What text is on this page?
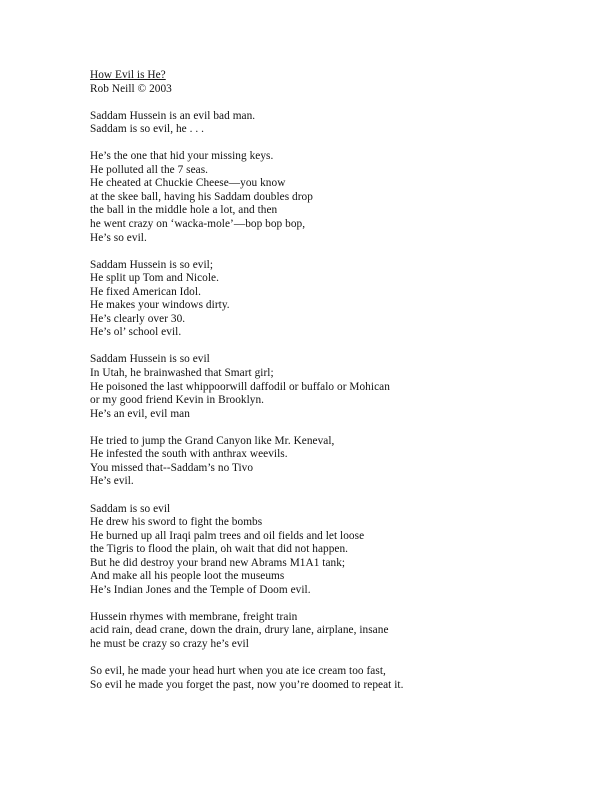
How Evil is He?
Rob Neill © 2003
Saddam Hussein is an evil bad man.
Saddam is so evil, he . . .
He’s the one that hid your missing keys.
He polluted all the 7 seas.
He cheated at Chuckie Cheese—you know
at the skee ball, having his Saddam doubles drop
the ball in the middle hole a lot, and then
he went crazy on ‘wacka-mole’—bop bop bop,
He’s so evil.
Saddam Hussein is so evil;
He split up Tom and Nicole.
He fixed American Idol.
He makes your windows dirty.
He’s clearly over 30.
He’s ol’ school evil.
Saddam Hussein is so evil
In Utah, he brainwashed that Smart girl;
He poisoned the last whippoorwill daffodil or buffalo or Mohican
or my good friend Kevin in Brooklyn.
He’s an evil, evil man
He tried to jump the Grand Canyon like Mr. Keneval,
He infested the south with anthrax weevils.
You missed that--Saddam’s no Tivo
He’s evil.
Saddam is so evil
He drew his sword to fight the bombs
He burned up all Iraqi palm trees and oil fields and let loose
the Tigris to flood the plain, oh wait that did not happen.
But he did destroy your brand new Abrams M1A1 tank;
And make all his people loot the museums
He’s Indian Jones and the Temple of Doom evil.
Hussein rhymes with membrane, freight train
acid rain, dead crane, down the drain, drury lane, airplane, insane
he must be crazy so crazy he’s evil
So evil, he made your head hurt when you ate ice cream too fast,
So evil he made you forget the past, now you’re doomed to repeat it.
